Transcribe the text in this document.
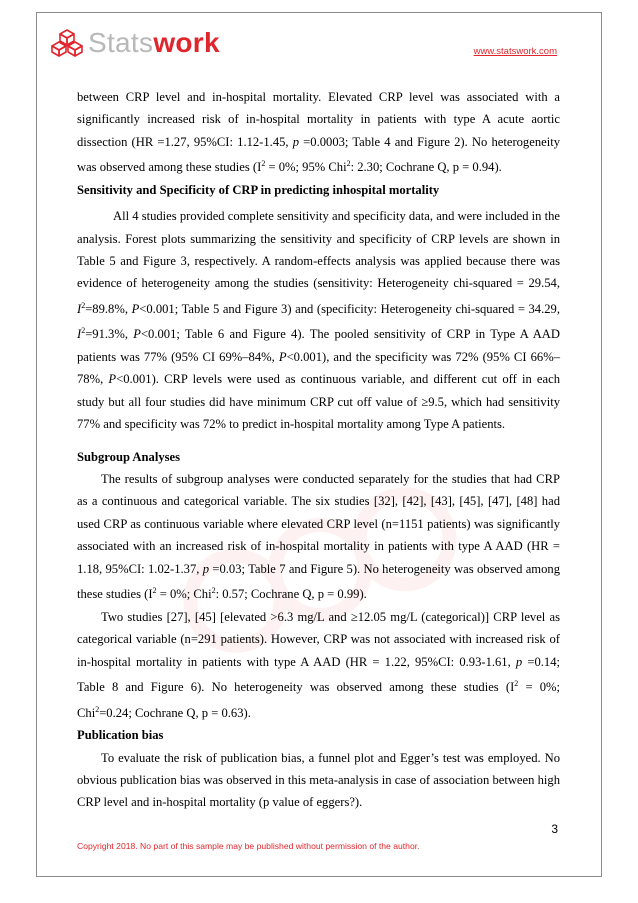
Statswork	www.statswork.com

between CRP level and in-hospital mortality. Elevated CRP level was associated with a significantly increased risk of in-hospital mortality in patients with type A acute aortic dissection (HR =1.27, 95%CI: 1.12-1.45, p =0.0003; Table 4 and Figure 2). No heterogeneity was observed among these studies ($I^2 = 0\%$; 95% Chi$^2$: 2.30; Cochrane Q, p = 0.94).

Sensitivity and Specificity of CRP in predicting inhospital mortality

All 4 studies provided complete sensitivity and specificity data, and were included in the analysis. Forest plots summarizing the sensitivity and specificity of CRP levels are shown in Table 5 and Figure 3, respectively. A random-effects analysis was applied because there was evidence of heterogeneity among the studies (sensitivity: Heterogeneity chi-squared = 29.54, $I^2=89.8\%$, P<0.001; Table 5 and Figure 3) and (specificity: Heterogeneity chi-squared = 34.29, $I^2=91.3\%$, P<0.001; Table 6 and Figure 4). The pooled sensitivity of CRP in Type A AAD patients was 77% (95% CI 69%–84%, P<0.001), and the specificity was 72% (95% CI 66%–78%, P<0.001). CRP levels were used as continuous variable, and different cut off in each study but all four studies did have minimum CRP cut off value of ≥9.5, which had sensitivity 77% and specificity was 72% to predict in-hospital mortality among Type A patients.

Subgroup Analyses

The results of subgroup analyses were conducted separately for the studies that had CRP as a continuous and categorical variable. The six studies [32], [42], [43], [45], [47], [48] had used CRP as continuous variable where elevated CRP level (n=1151 patients) was significantly associated with an increased risk of in-hospital mortality in patients with type A AAD (HR = 1.18, 95%CI: 1.02-1.37, p =0.03; Table 7 and Figure 5). No heterogeneity was observed among these studies ($I^2 = 0\%$; Chi$^2$: 0.57; Cochrane Q, p = 0.99).

Two studies [27], [45] [elevated >6.3 mg/L and ≥12.05 mg/L (categorical)] CRP level as categorical variable (n=291 patients). However, CRP was not associated with increased risk of in-hospital mortality in patients with type A AAD (HR = 1.22, 95%CI: 0.93-1.61, p =0.14; Table 8 and Figure 6). No heterogeneity was observed among these studies ($I^2 = 0\%$; Chi$^2$=0.24; Cochrane Q, p = 0.63).

Publication bias

To evaluate the risk of publication bias, a funnel plot and Egger’s test was employed. No obvious publication bias was observed in this meta-analysis in case of association between high CRP level and in-hospital mortality (p value of eggers?).

3
Copyright 2018. No part of this sample may be published without permission of the author.
